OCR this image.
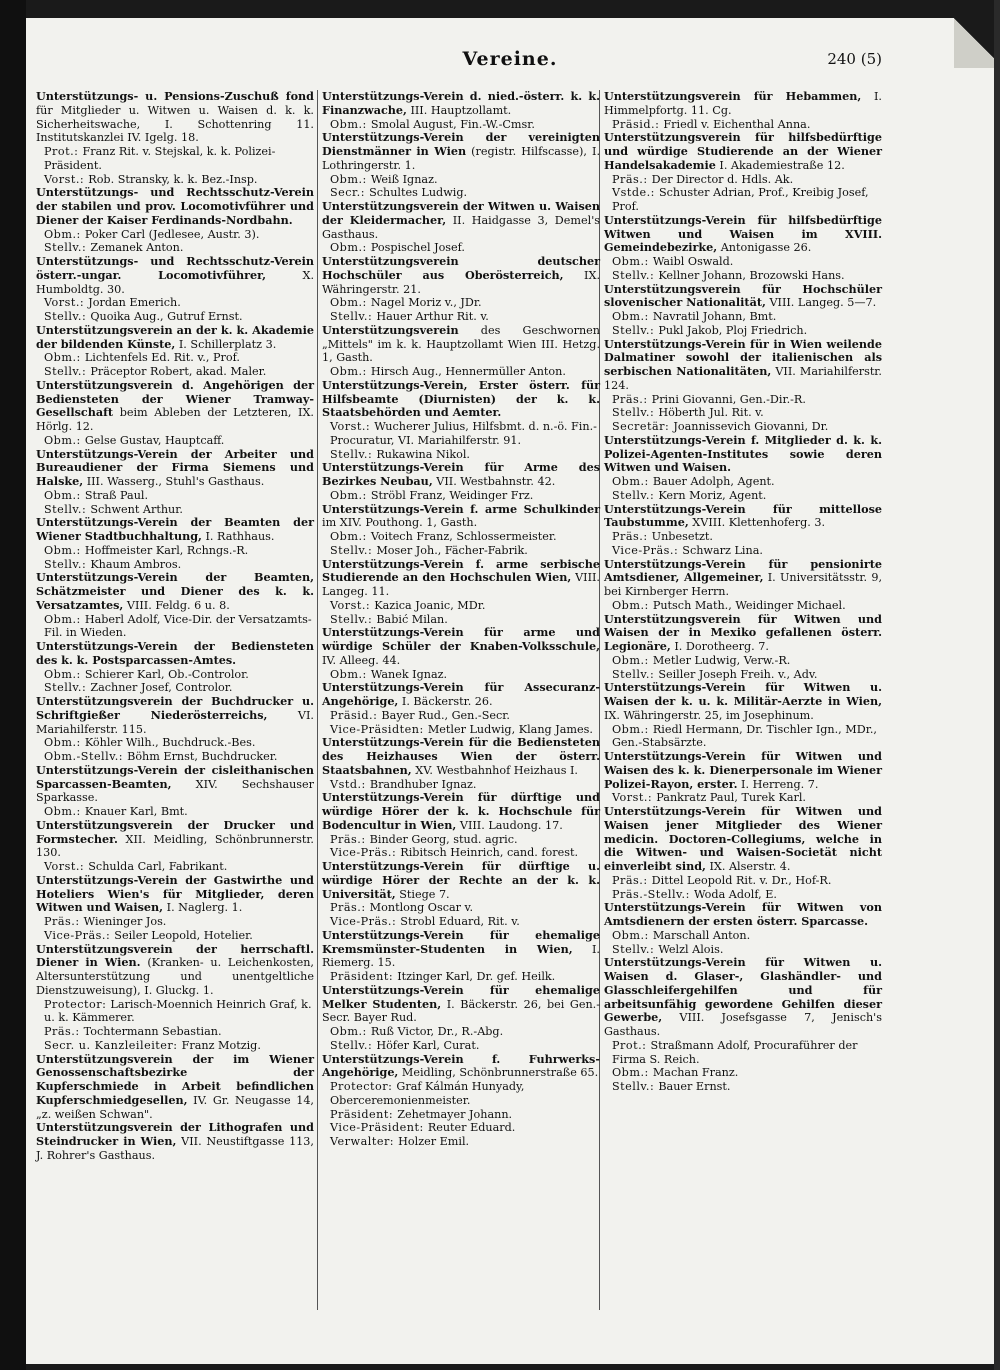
Vereine.	240 (5)
Unterstützungs- u. Pensions-Zuschuß fond für Mitglieder u. Witwen u. Waisen d. k. k. Sicherheitswache, I. Schottenring 11. Institutskanzlei IV. Igelg. 18.
Prot.: Franz Rit. v. Stejskal, k. k. Polizei-Präsident.
Vorst.: Rob. Stransky, k. k. Bez.-Insp.
Unterstützungs- und Rechtsschutz-Verein der stabilen und prov. Locomotivführer und Diener der Kaiser Ferdinands-Nordbahn.
Obm.: Poker Carl (Jedlesee, Austr. 3).
Stellv.: Zemanek Anton.
Unterstützungs- und Rechtsschutz-Verein österr.-ungar. Locomotivführer, X. Humboldtg. 30.
Vorst.: Jordan Emerich.
Stellv.: Quoika Aug., Gutruf Ernst.
Unterstützungsverein an der k. k. Akademie der bildenden Künste, I. Schillerplatz 3.
Obm.: Lichtenfels Ed. Rit. v., Prof.
Stellv.: Präceptor Robert, akad. Maler.
Unterstützungsverein d. Angehörigen der Bediensteten der Wiener Tramway-Gesellschaft beim Ableben der Letzteren, IX. Hörlg. 12.
Obm.: Gelse Gustav, Hauptcaff.
Unterstützungs-Verein der Arbeiter und Bureaudiener der Firma Siemens und Halske, III. Wasserg., Stuhl's Gasthaus.
Obm.: Straß Paul.
Stellv.: Schwent Arthur.
Unterstützungs-Verein der Beamten der Wiener Stadtbuchhaltung, I. Rathhaus.
Obm.: Hoffmeister Karl, Rchngs.-R.
Stellv.: Khaum Ambros.
Unterstützungs-Verein der Beamten, Schätzmeister und Diener des k. k. Versatzamtes, VIII. Feldg. 6 u. 8.
Obm.: Haberl Adolf, Vice-Dir. der Versatzamts-Fil. in Wieden.
Unterstützungs-Verein der Bediensteten des k. k. Postsparcassen-Amtes.
Obm.: Schierer Karl, Ob.-Controlor.
Stellv.: Zachner Josef, Controlor.
Unterstützungsverein der Buchdrucker u. Schriftgießer Niederösterreichs, VI. Mariahilferstr. 115.
Obm.: Köhler Wilh., Buchdruck.-Bes.
Obm.-Stellv.: Böhm Ernst, Buchdrucker.
Unterstützungs-Verein der cisleithanischen Sparcassen-Beamten, XIV. Sechshauser Sparkasse.
Obm.: Knauer Karl, Bmt.
Unterstützungsverein der Drucker und Formstecher. XII. Meidling, Schönbrunnerstr. 130.
Vorst.: Schulda Carl, Fabrikant.
Unterstützungs-Verein der Gastwirthe und Hoteliers Wien's für Mitglieder, deren Witwen und Waisen, I. Naglerg. 1.
Präs.: Wieninger Jos.
Vice-Präs.: Seiler Leopold, Hotelier.
Unterstützungsverein der herrschaftl. Diener in Wien. (Kranken- u. Leichenkosten, Altersunterstützung und unentgeltliche Dienstzuweisung), I. Gluckg. 1.
Protector: Larisch-Moennich Heinrich Graf, k. u. k. Kämmerer.
Präs.: Tochtermann Sebastian.
Secr. u. Kanzleileiter: Franz Motzig.
Unterstützungsverein der im Wiener Genossenschaftsbezirke der Kupferschmiede in Arbeit befindlichen Kupferschmiedgesellen, IV. Gr. Neugasse 14, „z. weißen Schwan".
Unterstützungsverein der Lithografen und Steindrucker in Wien, VII. Neustiftgasse 113, J. Rohrer's Gasthaus.
Unterstützungs-Verein d. nied.-österr. k. k. Finanzwache, III. Hauptzollamt.
Obm.: Smolal August, Fin.-W.-Cmsr.
Unterstützungs-Verein der vereinigten Dienstmänner in Wien (registr. Hilfscasse), I. Lothringerstr. 1.
Obm.: Weiß Ignaz.
Secr.: Schultes Ludwig.
Unterstützungsverein der Witwen u. Waisen der Kleidermacher, II. Haidgasse 3, Demel's Gasthaus.
Obm.: Pospischel Josef.
Unterstützungsverein deutscher Hochschüler aus Oberösterreich, IX. Währingerstr. 21.
Obm.: Nagel Moriz v., JDr.
Stellv.: Hauer Arthur Rit. v.
Unterstützungsverein des Geschwornen „Mittels" im k. k. Hauptzollamt Wien III. Hetzg. 1, Gasth.
Obm.: Hirsch Aug., Hennermüller Anton.
Unterstützungs-Verein, Erster österr. für Hilfsbeamte (Diurnisten) der k. k. Staatsbehörden und Aemter.
Vorst.: Wucherer Julius, Hilfsbmt. d. n.-ö. Fin.-Procuratur, VI. Mariahilferstr. 91.
Stellv.: Rukawina Nikol.
Unterstützungs-Verein für Arme des Bezirkes Neubau, VII. Westbahnstr. 42.
Obm.: Ströbl Franz, Weidinger Frz.
Unterstützungs-Verein f. arme Schulkinder im XIV. Pouthong. 1, Gasth.
Obm.: Voitech Franz, Schlossermeister.
Stellv.: Moser Joh., Fächer-Fabrik.
Unterstützungs-Verein f. arme serbische Studierende an den Hochschulen Wien, VIII. Langeg. 11.
Vorst.: Kazica Joanic, MDr.
Stellv.: Babić Milan.
Unterstützungs-Verein für arme und würdige Schüler der Knaben-Volksschule, IV. Alleeg. 44.
Obm.: Wanek Ignaz.
Unterstützungs-Verein für Assecuranz-Angehörige, I. Bäckerstr. 26.
Präsid.: Bayer Rud., Gen.-Secr.
Vice-Präsidten: Metler Ludwig, Klang James.
Unterstützungs-Verein für die Bediensteten des Heizhauses Wien der österr. Staatsbahnen, XV. Westbahnhof Heizhaus I.
Vstd.: Brandhuber Ignaz.
Unterstützungs-Verein für dürftige und würdige Hörer der k. k. Hochschule für Bodencultur in Wien, VIII. Laudong. 17.
Präs.: Binder Georg, stud. agric.
Vice-Präs.: Ribitsch Heinrich, cand. forest.
Unterstützungs-Verein für dürftige u. würdige Hörer der Rechte an der k. k. Universität, Stiege 7.
Präs.: Montlong Oscar v.
Vice-Präs.: Strobl Eduard, Rit. v.
Unterstützungs-Verein für ehemalige Kremsmünster-Studenten in Wien, I. Riemerg. 15.
Präsident: Itzinger Karl, Dr. gef. Heilk.
Unterstützungs-Verein für ehemalige Melker Studenten, I. Bäckerstr. 26, bei Gen.-Secr. Bayer Rud.
Obm.: Ruß Victor, Dr., R.-Abg.
Stellv.: Höfer Karl, Curat.
Unterstützungs-Verein f. Fuhrwerks-Angehörige, Meidling, Schönbrunnerstraße 65.
Protector: Graf Kálmán Hunyady, Oberceremonienmeister.
Präsident: Zehetmayer Johann.
Vice-Präsident: Reuter Eduard.
Verwalter: Holzer Emil.
Unterstützungsverein für Hebammen, I. Himmelpfortg. 11. Cg.
Präsid.: Friedl v. Eichenthal Anna.
Unterstützungsverein für hilfsbedürftige und würdige Studierende an der Wiener Handelsakademie I. Akademiestraße 12.
Präs.: Der Director d. Hdls. Ak.
Vstde.: Schuster Adrian, Prof., Kreibig Josef, Prof.
Unterstützungs-Verein für hilfsbedürftige Witwen und Waisen im XVIII. Gemeindebezirke, Antonigasse 26.
Obm.: Waibl Oswald.
Stellv.: Kellner Johann, Brozowski Hans.
Unterstützungsverein für Hochschüler slovenischer Nationalität, VIII. Langeg. 5—7.
Obm.: Navratil Johann, Bmt.
Stellv.: Pukl Jakob, Ploj Friedrich.
Unterstützungs-Verein für in Wien weilende Dalmatiner sowohl der italienischen als serbischen Nationalitäten, VII. Mariahilferstr. 124.
Präs.: Prini Giovanni, Gen.-Dir.-R.
Stellv.: Höberth Jul. Rit. v.
Secretär: Joannissevich Giovanni, Dr.
Unterstützungs-Verein f. Mitglieder d. k. k. Polizei-Agenten-Institutes sowie deren Witwen und Waisen.
Obm.: Bauer Adolph, Agent.
Stellv.: Kern Moriz, Agent.
Unterstützungs-Verein für mittellose Taubstumme, XVIII. Klettenhoferg. 3.
Präs.: Unbesetzt.
Vice-Präs.: Schwarz Lina.
Unterstützungs-Verein für pensionirte Amtsdiener, Allgemeiner, I. Universitätsstr. 9, bei Kirnberger Herrn.
Obm.: Putsch Math., Weidinger Michael.
Unterstützungsverein für Witwen und Waisen der in Mexiko gefallenen österr. Legionäre, I. Dorotheerg. 7.
Obm.: Metler Ludwig, Verw.-R.
Stellv.: Seiller Joseph Freih. v., Adv.
Unterstützungs-Verein für Witwen u. Waisen der k. u. k. Militär-Aerzte in Wien, IX. Währingerstr. 25, im Josephinum.
Obm.: Riedl Hermann, Dr. Tischler Ign., MDr., Gen.-Stabsärzte.
Unterstützungs-Verein für Witwen und Waisen des k. k. Dienerpersonale im Wiener Polizei-Rayon, erster. I. Herreng. 7.
Vorst.: Pankratz Paul, Turek Karl.
Unterstützungs-Verein für Witwen und Waisen jener Mitglieder des Wiener medicin. Doctoren-Collegiums, welche in die Witwen- und Waisen-Societät nicht einverleibt sind, IX. Alserstr. 4.
Präs.: Dittel Leopold Rit. v. Dr., Hof-R.
Präs.-Stellv.: Woda Adolf, E.
Unterstützungs-Verein für Witwen von Amtsdienern der ersten österr. Sparcasse.
Obm.: Marschall Anton.
Stellv.: Welzl Alois.
Unterstützungs-Verein für Witwen u. Waisen d. Glaser-, Glashändler- und Glasschleifergehilfen und für arbeitsunfähig gewordene Gehilfen dieser Gewerbe, VIII. Josefsgasse 7, Jenisch's Gasthaus.
Prot.: Straßmann Adolf, Procuraführer der Firma S. Reich.
Obm.: Machan Franz.
Stellv.: Bauer Ernst.
